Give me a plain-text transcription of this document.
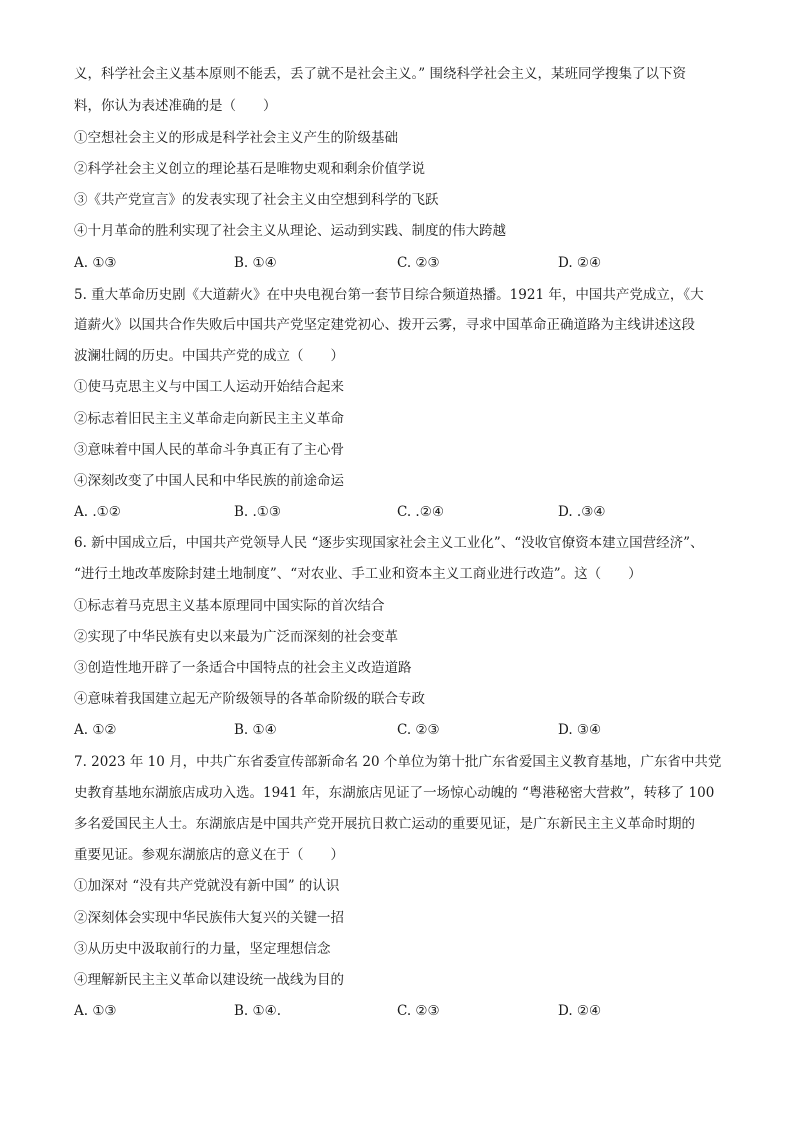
义，科学社会主义基本原则不能丢，丢了就不是社会主义。” 围绕科学社会主义，某班同学搜集了以下资
料，你认为表述准确的是（　　）
①空想社会主义的形成是科学社会主义产生的阶级基础
②科学社会主义创立的理论基石是唯物史观和剩余价值学说
③《共产党宣言》的发表实现了社会主义由空想到科学的飞跃
④十月革命的胜利实现了社会主义从理论、运动到实践、制度的伟大跨越
A. ①③	B. ①④	C. ②③	D. ②④
5. 重大革命历史剧《大道薪火》在中央电视台第一套节目综合频道热播。1921 年，中国共产党成立，《大
道薪火》以国共合作失败后中国共产党坚定建党初心、拨开云雾，寻求中国革命正确道路为主线讲述这段
波澜壮阔的历史。中国共产党的成立（　　）
①使马克思主义与中国工人运动开始结合起来
②标志着旧民主主义革命走向新民主主义革命
③意味着中国人民的革命斗争真正有了主心骨
④深刻改变了中国人民和中华民族的前途命运
A. .①②	B. .①③	C. .②④	D. .③④
6. 新中国成立后，中国共产党领导人民 “逐步实现国家社会主义工业化”、“没收官僚资本建立国营经济”、
“进行土地改革废除封建土地制度”、“对农业、手工业和资本主义工商业进行改造”。这（　　）
①标志着马克思主义基本原理同中国实际的首次结合
②实现了中华民族有史以来最为广泛而深刻的社会变革
③创造性地开辟了一条适合中国特点的社会主义改造道路
④意味着我国建立起无产阶级领导的各革命阶级的联合专政
A. ①②	B. ①④	C. ②③	D. ③④
7. 2023 年 10 月，中共广东省委宣传部新命名 20 个单位为第十批广东省爱国主义教育基地，广东省中共党
史教育基地东湖旅店成功入选。1941 年，东湖旅店见证了一场惊心动魄的 “粤港秘密大营救”，转移了 100
多名爱国民主人士。东湖旅店是中国共产党开展抗日救亡运动的重要见证，是广东新民主主义革命时期的
重要见证。参观东湖旅店的意义在于（　　）
①加深对 “没有共产党就没有新中国” 的认识
②深刻体会实现中华民族伟大复兴的关键一招
③从历史中汲取前行的力量，坚定理想信念
④理解新民主主义革命以建设统一战线为目的
A. ①③	B. ①④.	C. ②③	D. ②④
